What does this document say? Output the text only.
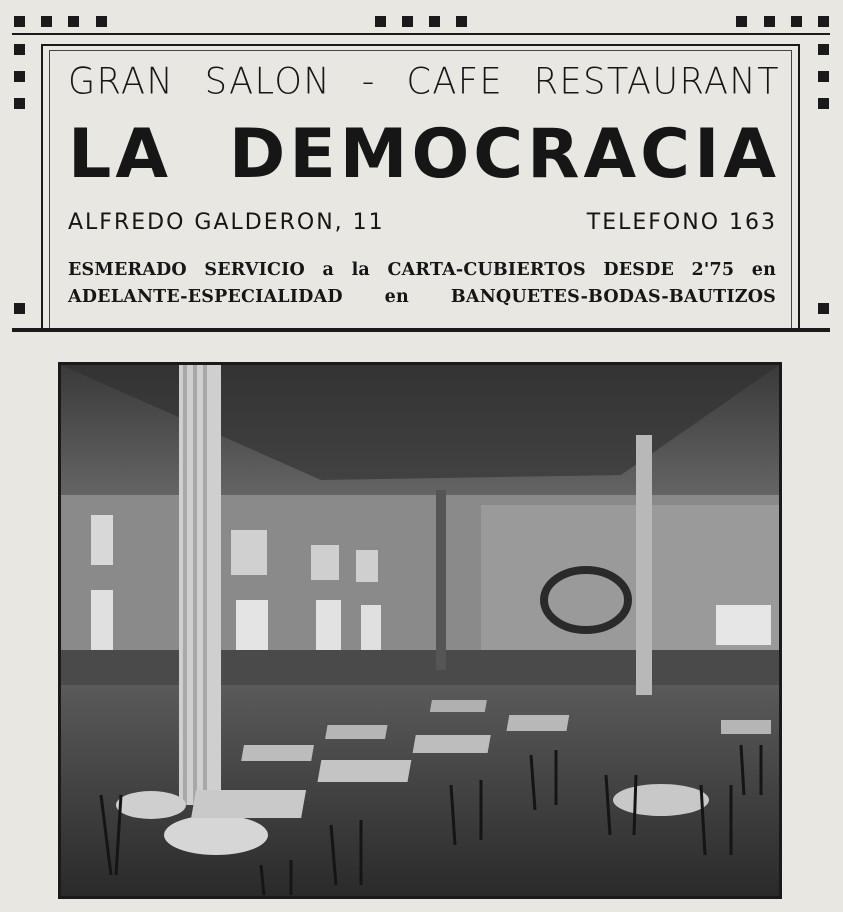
GRAN SALON - CAFE RESTAURANT
LA DEMOCRACIA
ALFREDO GALDERON, 11	TELEFONO 163
ESMERADO SERVICIO a la CARTA-CUBIERTOS DESDE 2'75 en
ADELANTE-ESPECIALIDAD en BANQUETES-BODAS-BAUTIZOS
